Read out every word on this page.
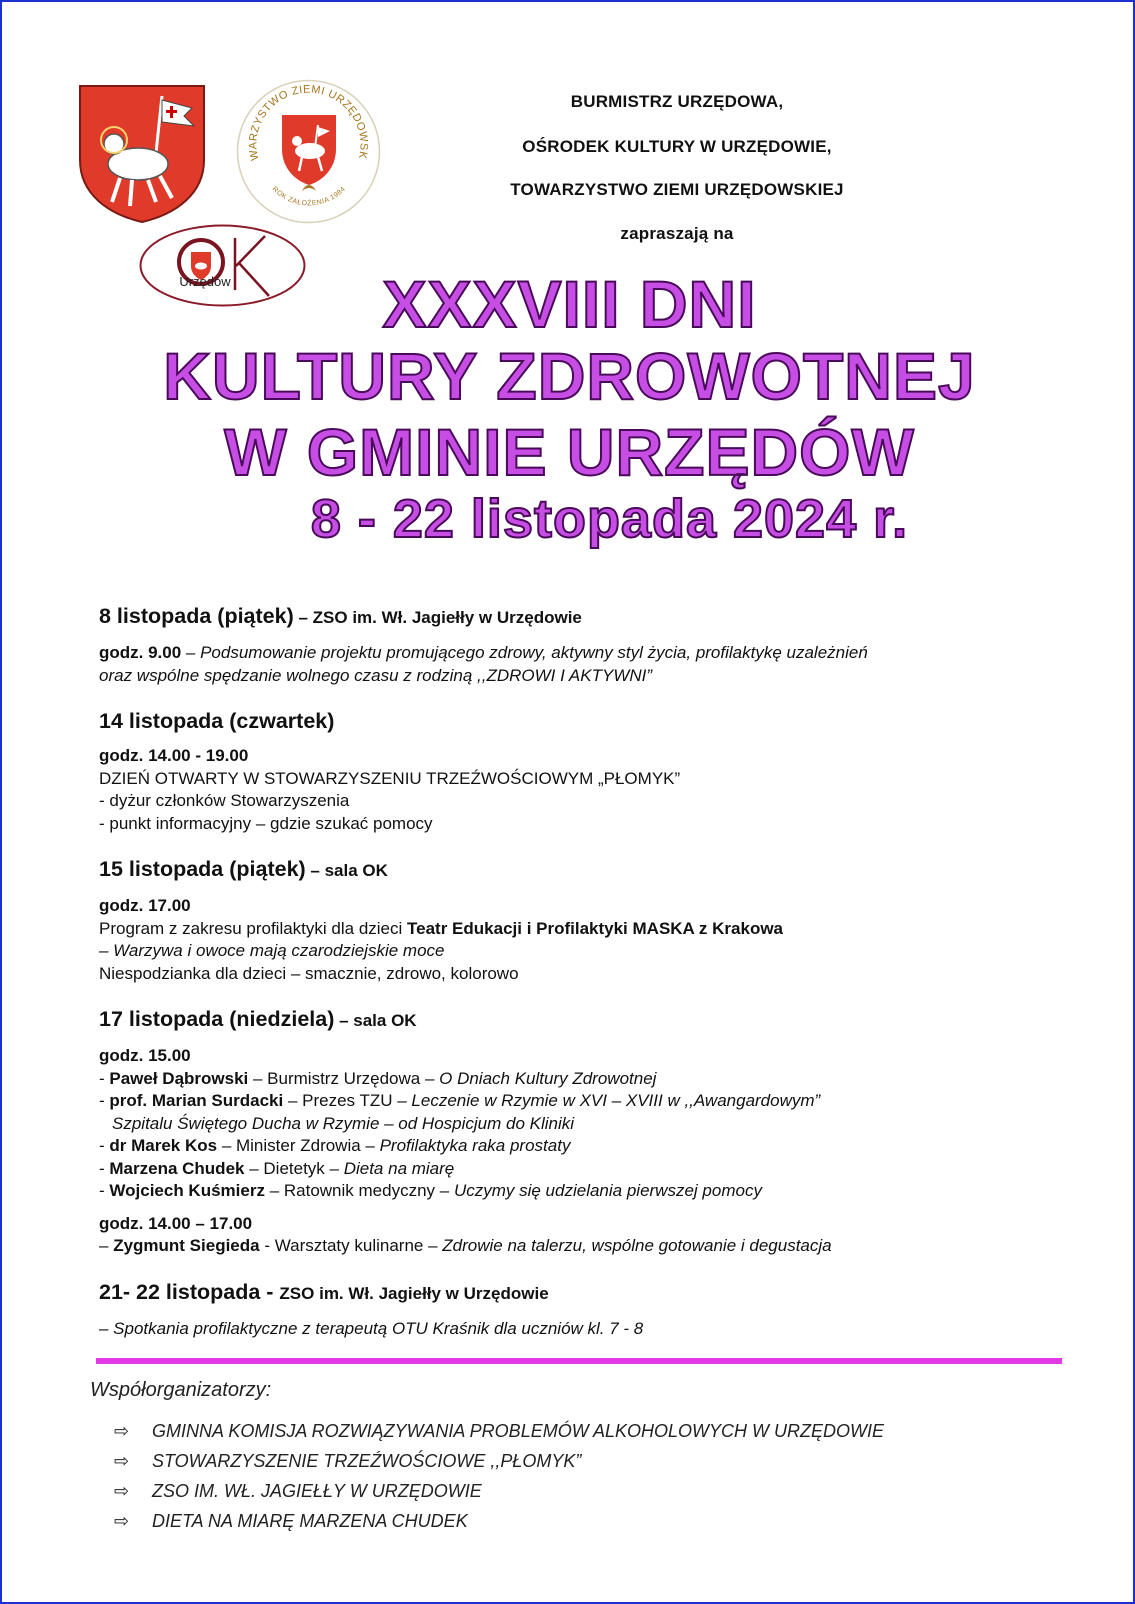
WARZYSTWO ZIEMI URZĘDOWSK
ROK ZAŁOŻENIA 1984
Urzędów
BURMISTRZ URZĘDOWA,
OŚRODEK KULTURY W URZĘDOWIE,
TOWARZYSTWO ZIEMI URZĘDOWSKIEJ
zapraszają na
XXXVIII DNI
KULTURY ZDROWOTNEJ
W GMINIE URZĘDÓW
8 - 22 listopada 2024 r.
8 listopada (piątek) – ZSO im. Wł. Jagiełły w Urzędowie
godz. 9.00 – Podsumowanie projektu promującego zdrowy, aktywny styl życia, profilaktykę uzależnień
oraz wspólne spędzanie wolnego czasu z rodziną ,,ZDROWI I AKTYWNI”
14 listopada (czwartek)
godz. 14.00 - 19.00
DZIEŃ OTWARTY W STOWARZYSZENIU TRZEŹWOŚCIOWYM „PŁOMYK”
- dyżur członków Stowarzyszenia
- punkt informacyjny – gdzie szukać pomocy
15 listopada (piątek) – sala OK
godz. 17.00
Program z zakresu profilaktyki dla dzieci Teatr Edukacji i Profilaktyki MASKA z Krakowa
– Warzywa i owoce mają czarodziejskie moce
Niespodzianka dla dzieci – smacznie, zdrowo, kolorowo
17 listopada (niedziela) – sala OK
godz. 15.00
- Paweł Dąbrowski – Burmistrz Urzędowa – O Dniach Kultury Zdrowotnej
- prof. Marian Surdacki – Prezes TZU – Leczenie w Rzymie w XVI – XVIII w ,,Awangardowym”
Szpitalu Świętego Ducha w Rzymie – od Hospicjum do Kliniki
- dr Marek Kos – Minister Zdrowia – Profilaktyka raka prostaty
- Marzena Chudek – Dietetyk – Dieta na miarę
- Wojciech Kuśmierz – Ratownik medyczny – Uczymy się udzielania pierwszej pomocy
godz. 14.00 – 17.00
– Zygmunt Siegieda - Warsztaty kulinarne – Zdrowie na talerzu, wspólne gotowanie i degustacja
21- 22 listopada - ZSO im. Wł. Jagiełły w Urzędowie
– Spotkania profilaktyczne z terapeutą OTU Kraśnik dla uczniów kl. 7 - 8
Współorganizatorzy:
⇨	GMINNA KOMISJA ROZWIĄZYWANIA PROBLEMÓW ALKOHOLOWYCH W URZĘDOWIE
⇨	STOWARZYSZENIE TRZEŹWOŚCIOWE ,,PŁOMYK”
⇨	ZSO IM. WŁ. JAGIEŁŁY W URZĘDOWIE
⇨	DIETA NA MIARĘ MARZENA CHUDEK
